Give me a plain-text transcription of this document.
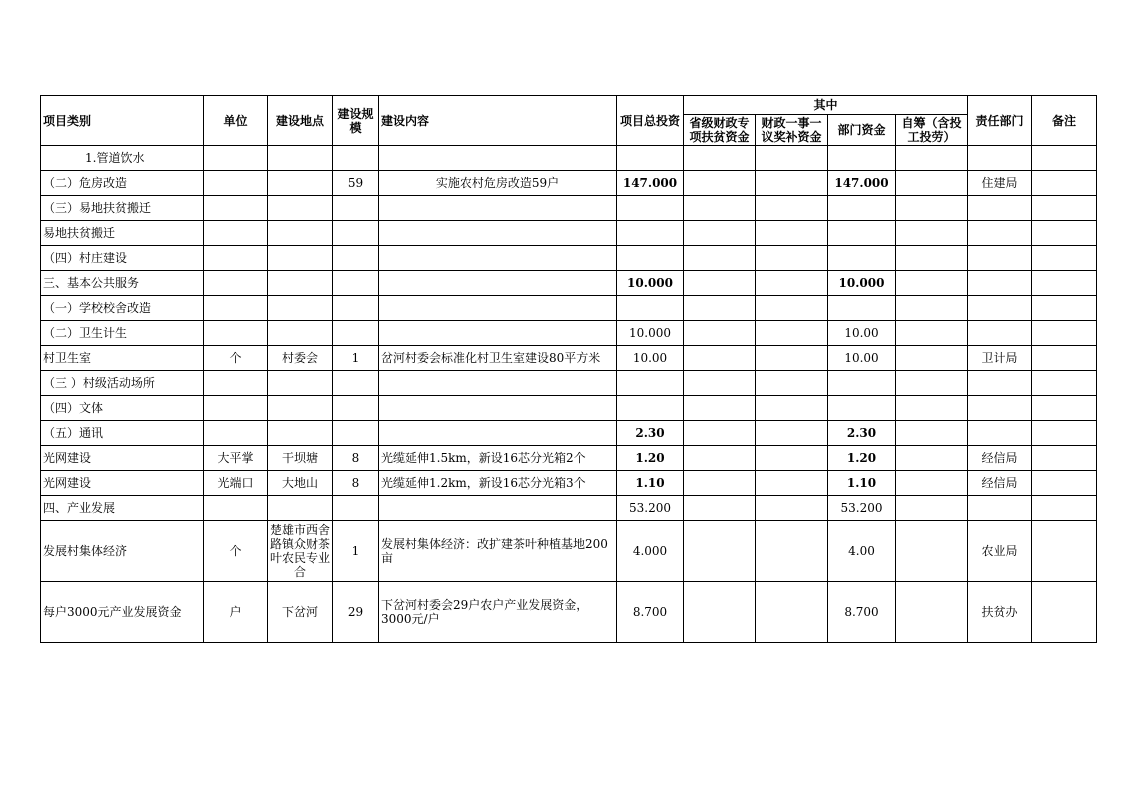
项目类别	单位	建设地点	建设规模	建设内容	项目总投资	其中				责任部门	备注
						省级财政专项扶贫资金	财政一事一议奖补资金	部门资金	自筹（含投工投劳）		
1.管道饮水											
（二）危房改造			59	实施农村危房改造59户	147.000			147.000		住建局	
（三）易地扶贫搬迁											
易地扶贫搬迁											
（四）村庄建设											
三、基本公共服务					10.000			10.000			
（一）学校校舍改造											
（二）卫生计生					10.000			10.00			
村卫生室	个	村委会	1	岔河村委会标准化村卫生室建设80平方米	10.00			10.00		卫计局	
（三 ）村级活动场所											
（四）文体											
（五）通讯					2.30			2.30			
光网建设	大平掌	干坝塘	8	光缆延伸1.5km，新设16芯分光箱2个	1.20			1.20		经信局	
光网建设	光端口	大地山	8	光缆延伸1.2km，新设16芯分光箱3个	1.10			1.10		经信局	
四、产业发展					53.200			53.200			
发展村集体经济	个	楚雄市西舍路镇众财茶叶农民专业合	1	发展村集体经济：改扩建茶叶种植基地200亩	4.000			4.00		农业局	
每户3000元产业发展资金	户	下岔河	29	下岔河村委会29户农户产业发展资金，3000元/户	8.700			8.700		扶贫办	
